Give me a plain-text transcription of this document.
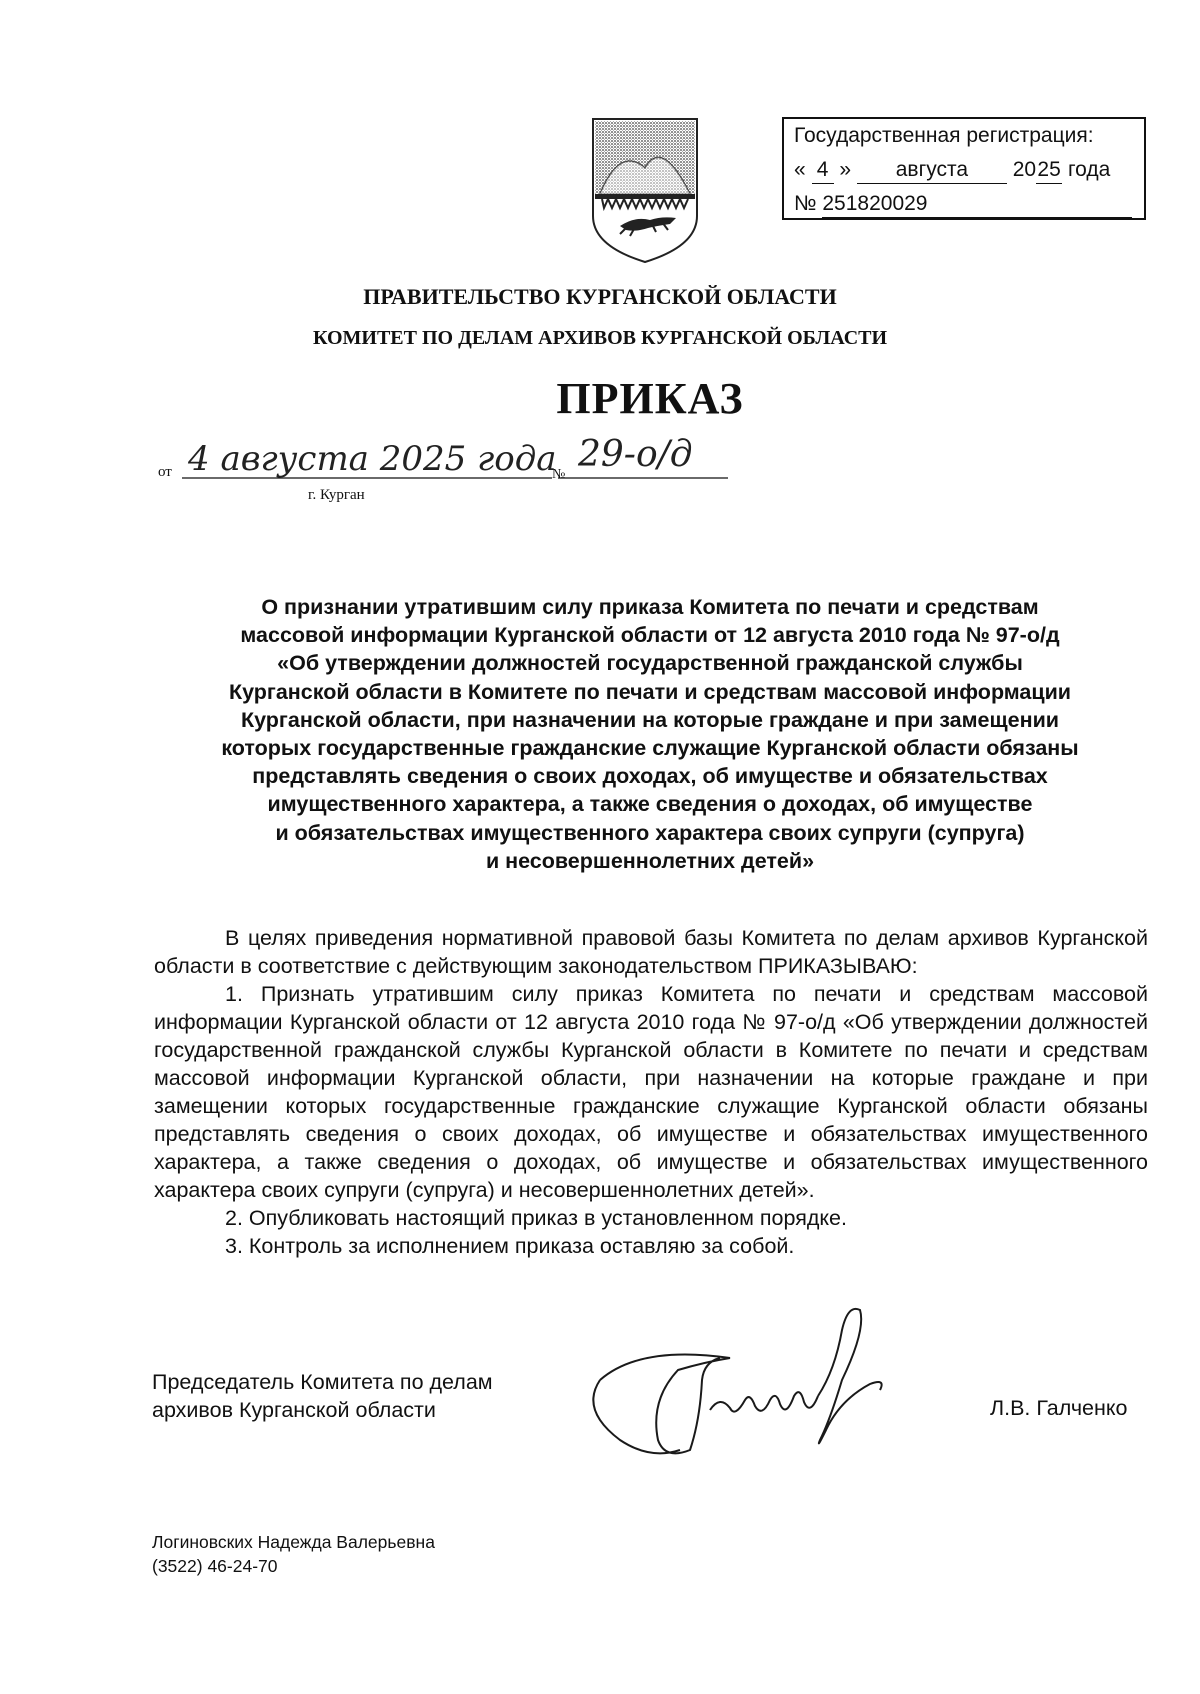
Государственная регистрация:
« 4 » августа 2025 года
№ 251820029
ПРАВИТЕЛЬСТВО КУРГАНСКОЙ ОБЛАСТИ
КОМИТЕТ ПО ДЕЛАМ АРХИВОВ КУРГАНСКОЙ ОБЛАСТИ
ПРИКАЗ
от 4 августа 2025 года
№ 29-о/д
г. Курган
О признании утратившим силу приказа Комитета по печати и средствам
массовой информации Курганской области от 12 августа 2010 года № 97-о/д
«Об утверждении должностей государственной гражданской службы
Курганской области в Комитете по печати и средствам массовой информации
Курганской области, при назначении на которые граждане и при замещении
которых государственные гражданские служащие Курганской области обязаны
представлять сведения о своих доходах, об имуществе и обязательствах
имущественного характера, а также сведения о доходах, об имуществе
и обязательствах имущественного характера своих супруги (супруга)
и несовершеннолетних детей»

В целях приведения нормативной правовой базы Комитета по делам архивов Курганской области в соответствие с действующим законодательством ПРИКАЗЫВАЮ:

1. Признать утратившим силу приказ Комитета по печати и средствам массовой информации Курганской области от 12 августа 2010 года № 97-о/д «Об утверждении должностей государственной гражданской службы Курганской области в Комитете по печати и средствам массовой информации Курганской области, при назначении на которые граждане и при замещении которых государственные гражданские служащие Курганской области обязаны представлять сведения о своих доходах, об имуществе и обязательствах имущественного характера, а также сведения о доходах, об имуществе и обязательствах имущественного характера своих супруги (супруга) и несовершеннолетних детей».

2. Опубликовать настоящий приказ в установленном порядке.

3. Контроль за исполнением приказа оставляю за собой.

Председатель Комитета по делам
архивов Курганской области	Л.В. Галченко
Логиновских Надежда Валерьевна
(3522) 46-24-70
